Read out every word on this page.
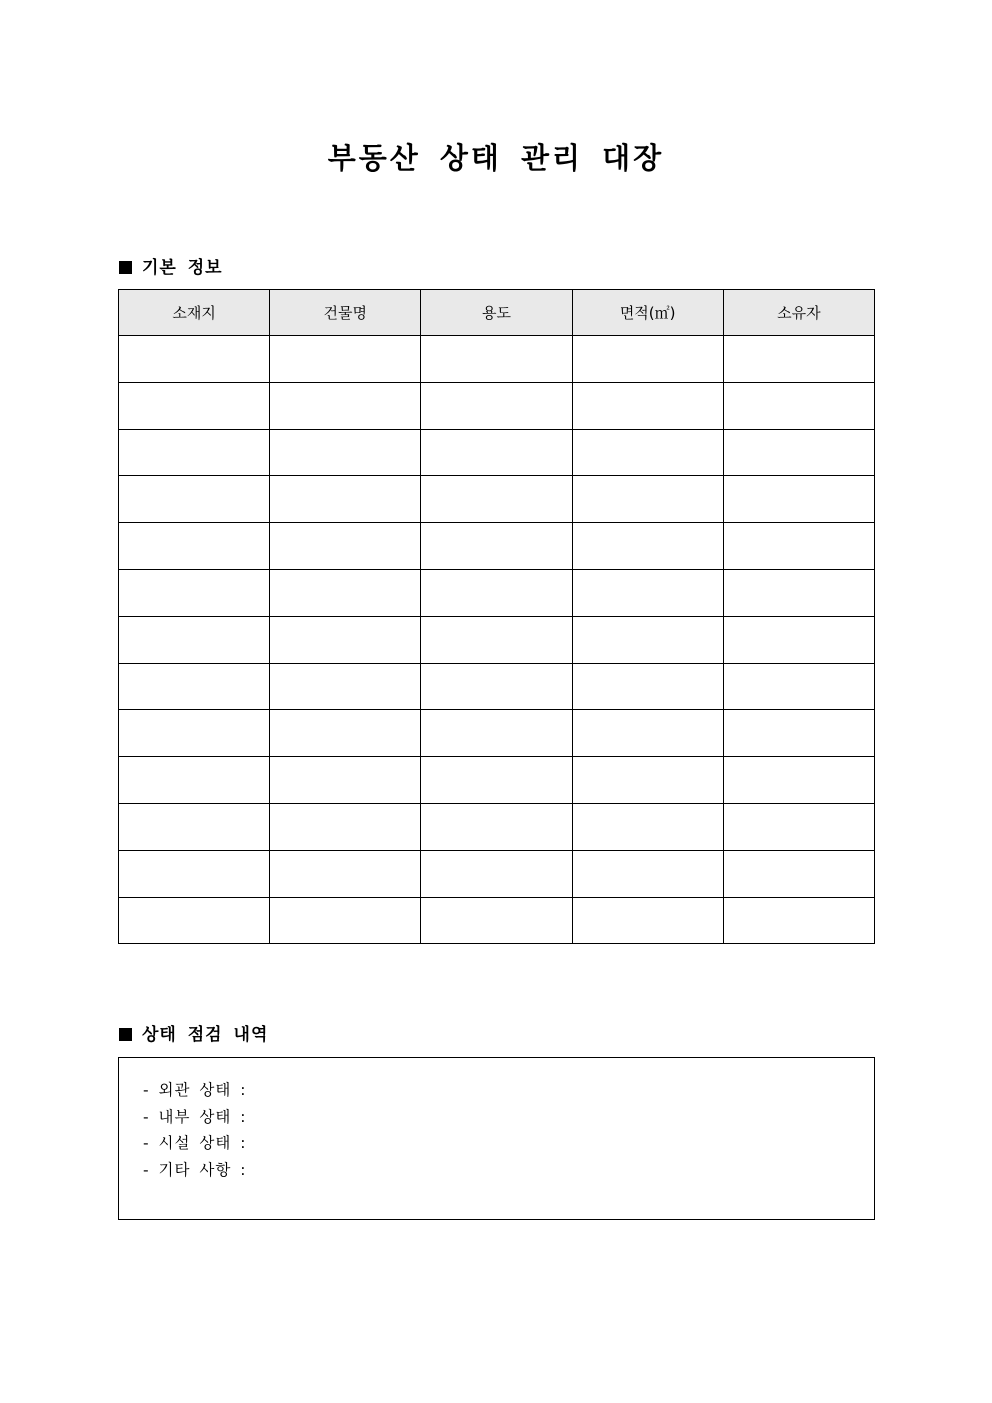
부동산 상태 관리 대장
기본 정보
소재지	건물명	용도	면적(㎡)	소유자

상태 점검 내역
- 외관 상태 :
- 내부 상태 :
- 시설 상태 :
- 기타 사항 :
